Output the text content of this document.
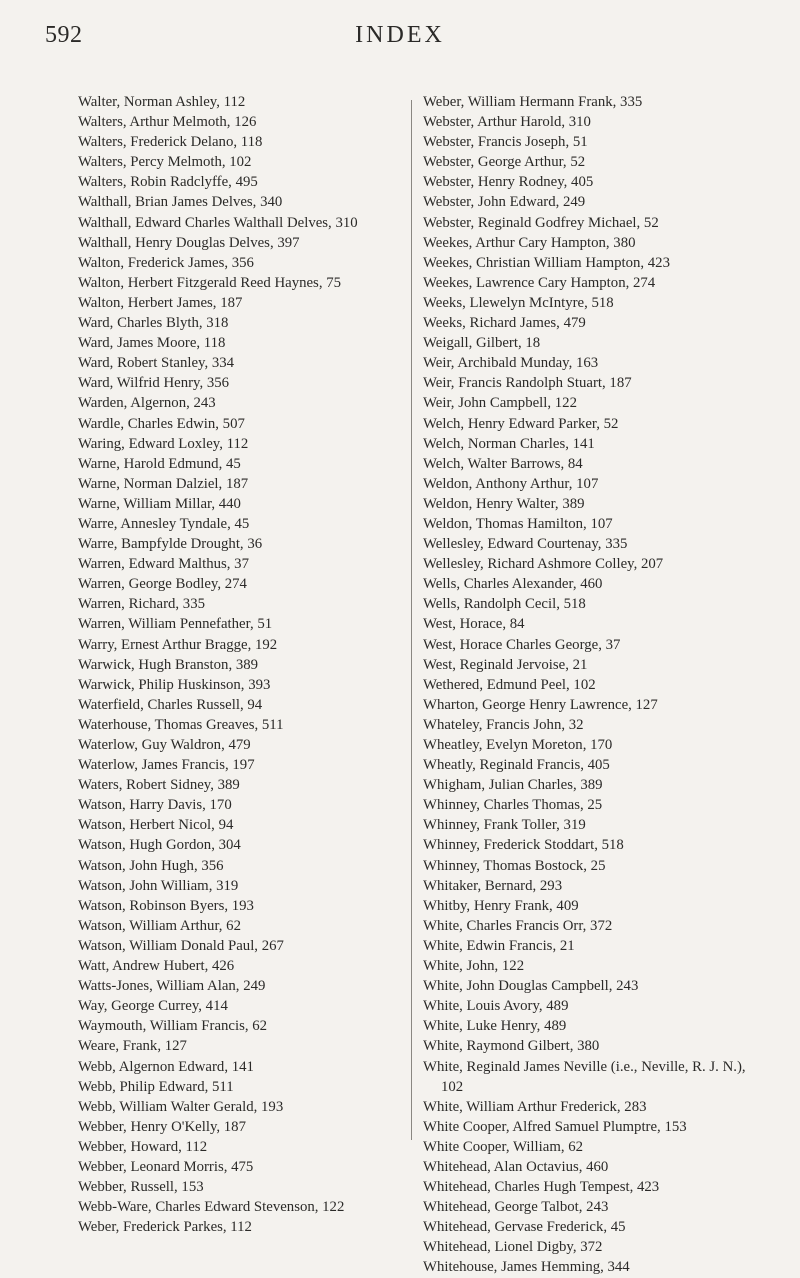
592	INDEX
Walter, Norman Ashley, 112
Walters, Arthur Melmoth, 126
Walters, Frederick Delano, 118
Walters, Percy Melmoth, 102
Walters, Robin Radclyffe, 495
Walthall, Brian James Delves, 340
Walthall, Edward Charles Walthall Delves, 310
Walthall, Henry Douglas Delves, 397
Walton, Frederick James, 356
Walton, Herbert Fitzgerald Reed Haynes, 75
Walton, Herbert James, 187
Ward, Charles Blyth, 318
Ward, James Moore, 118
Ward, Robert Stanley, 334
Ward, Wilfrid Henry, 356
Warden, Algernon, 243
Wardle, Charles Edwin, 507
Waring, Edward Loxley, 112
Warne, Harold Edmund, 45
Warne, Norman Dalziel, 187
Warne, William Millar, 440
Warre, Annesley Tyndale, 45
Warre, Bampfylde Drought, 36
Warren, Edward Malthus, 37
Warren, George Bodley, 274
Warren, Richard, 335
Warren, William Pennefather, 51
Warry, Ernest Arthur Bragge, 192
Warwick, Hugh Branston, 389
Warwick, Philip Huskinson, 393
Waterfield, Charles Russell, 94
Waterhouse, Thomas Greaves, 511
Waterlow, Guy Waldron, 479
Waterlow, James Francis, 197
Waters, Robert Sidney, 389
Watson, Harry Davis, 170
Watson, Herbert Nicol, 94
Watson, Hugh Gordon, 304
Watson, John Hugh, 356
Watson, John William, 319
Watson, Robinson Byers, 193
Watson, William Arthur, 62
Watson, William Donald Paul, 267
Watt, Andrew Hubert, 426
Watts-Jones, William Alan, 249
Way, George Currey, 414
Waymouth, William Francis, 62
Weare, Frank, 127
Webb, Algernon Edward, 141
Webb, Philip Edward, 511
Webb, William Walter Gerald, 193
Webber, Henry O'Kelly, 187
Webber, Howard, 112
Webber, Leonard Morris, 475
Webber, Russell, 153
Webb-Ware, Charles Edward Stevenson, 122
Weber, Frederick Parkes, 112
Weber, William Hermann Frank, 335
Webster, Arthur Harold, 310
Webster, Francis Joseph, 51
Webster, George Arthur, 52
Webster, Henry Rodney, 405
Webster, John Edward, 249
Webster, Reginald Godfrey Michael, 52
Weekes, Arthur Cary Hampton, 380
Weekes, Christian William Hampton, 423
Weekes, Lawrence Cary Hampton, 274
Weeks, Llewelyn McIntyre, 518
Weeks, Richard James, 479
Weigall, Gilbert, 18
Weir, Archibald Munday, 163
Weir, Francis Randolph Stuart, 187
Weir, John Campbell, 122
Welch, Henry Edward Parker, 52
Welch, Norman Charles, 141
Welch, Walter Barrows, 84
Weldon, Anthony Arthur, 107
Weldon, Henry Walter, 389
Weldon, Thomas Hamilton, 107
Wellesley, Edward Courtenay, 335
Wellesley, Richard Ashmore Colley, 207
Wells, Charles Alexander, 460
Wells, Randolph Cecil, 518
West, Horace, 84
West, Horace Charles George, 37
West, Reginald Jervoise, 21
Wethered, Edmund Peel, 102
Wharton, George Henry Lawrence, 127
Whateley, Francis John, 32
Wheatley, Evelyn Moreton, 170
Wheatly, Reginald Francis, 405
Whigham, Julian Charles, 389
Whinney, Charles Thomas, 25
Whinney, Frank Toller, 319
Whinney, Frederick Stoddart, 518
Whinney, Thomas Bostock, 25
Whitaker, Bernard, 293
Whitby, Henry Frank, 409
White, Charles Francis Orr, 372
White, Edwin Francis, 21
White, John, 122
White, John Douglas Campbell, 243
White, Louis Avory, 489
White, Luke Henry, 489
White, Raymond Gilbert, 380
White, Reginald James Neville (i.e., Neville, R. J. N.), 102
White, William Arthur Frederick, 283
White Cooper, Alfred Samuel Plumptre, 153
White Cooper, William, 62
Whitehead, Alan Octavius, 460
Whitehead, Charles Hugh Tempest, 423
Whitehead, George Talbot, 243
Whitehead, Gervase Frederick, 45
Whitehead, Lionel Digby, 372
Whitehouse, James Hemming, 344
